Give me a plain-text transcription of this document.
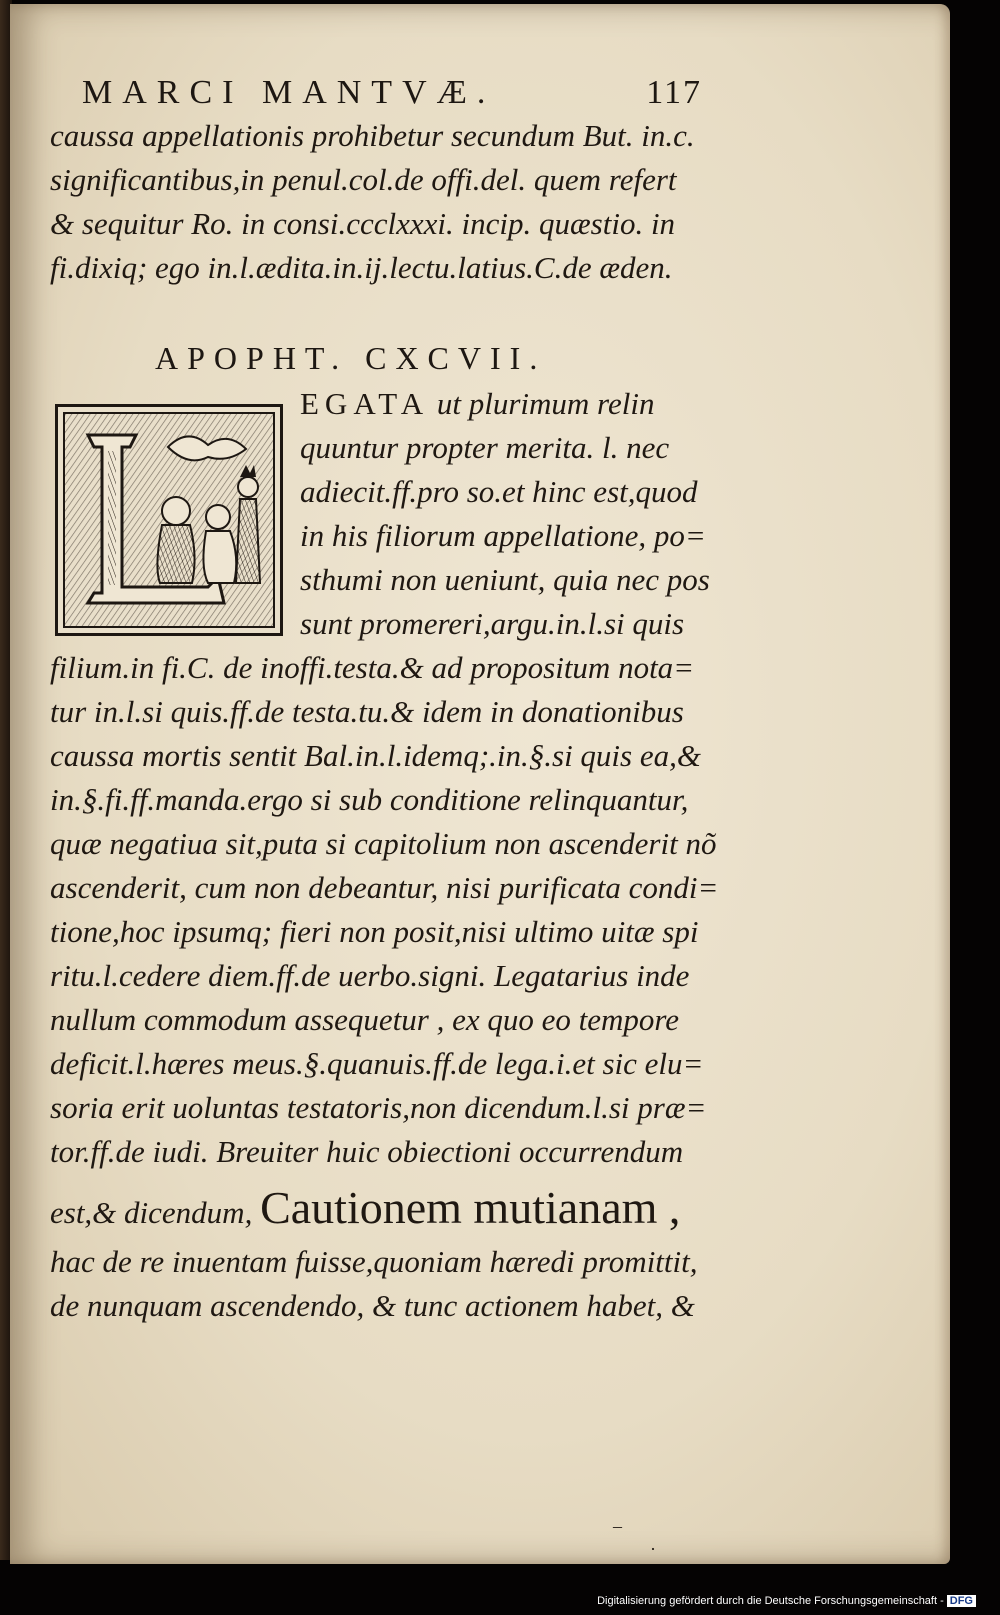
MARCI MANTVÆ.	117
caussa appellationis prohibetur secundum But. in.c.
significantibus,in penul.col.de offi.del. quem refert
& sequitur Ro. in consi.ccclxxxi. incip. quæstio. in
fi.dixiq; ego in.l.ædita.in.ij.lectu.latius.C.de æden.
APOPHT. CXCVII.
EGATA ut plurimum relin
quuntur propter merita. l. nec
adiecit.ff.pro so.et hinc est,quod
in his filiorum appellatione, po=
sthumi non ueniunt, quia nec pos
sunt promereri,argu.in.l.si quis
filium.in fi.C. de inoffi.testa.& ad propositum nota=
tur in.l.si quis.ff.de testa.tu.& idem in donationibus
caussa mortis sentit Bal.in.l.idemq;.in.§.si quis ea,&
in.§.fi.ff.manda.ergo si sub conditione relinquantur,
quæ negatiua sit,puta si capitolium non ascenderit nõ
ascenderit, cum non debeantur, nisi purificata condi=
tione,hoc ipsumq; fieri non posit,nisi ultimo uitæ spi
ritu.l.cedere diem.ff.de uerbo.signi. Legatarius inde
nullum commodum assequetur , ex quo eo tempore
deficit.l.hæres meus.§.quanuis.ff.de lega.i.et sic elu=
soria erit uoluntas testatoris,non dicendum.l.si præ=
tor.ff.de iudi. Breuiter huic obiectioni occurrendum
est,& dicendum, Cautionem mutianam ,
hac de re inuentam fuisse,quoniam hæredi promittit,
de nunquam ascendendo, & tunc actionem habet, &
‒
·
Digitalisierung gefördert durch die Deutsche Forschungsgemeinschaft - DFG
